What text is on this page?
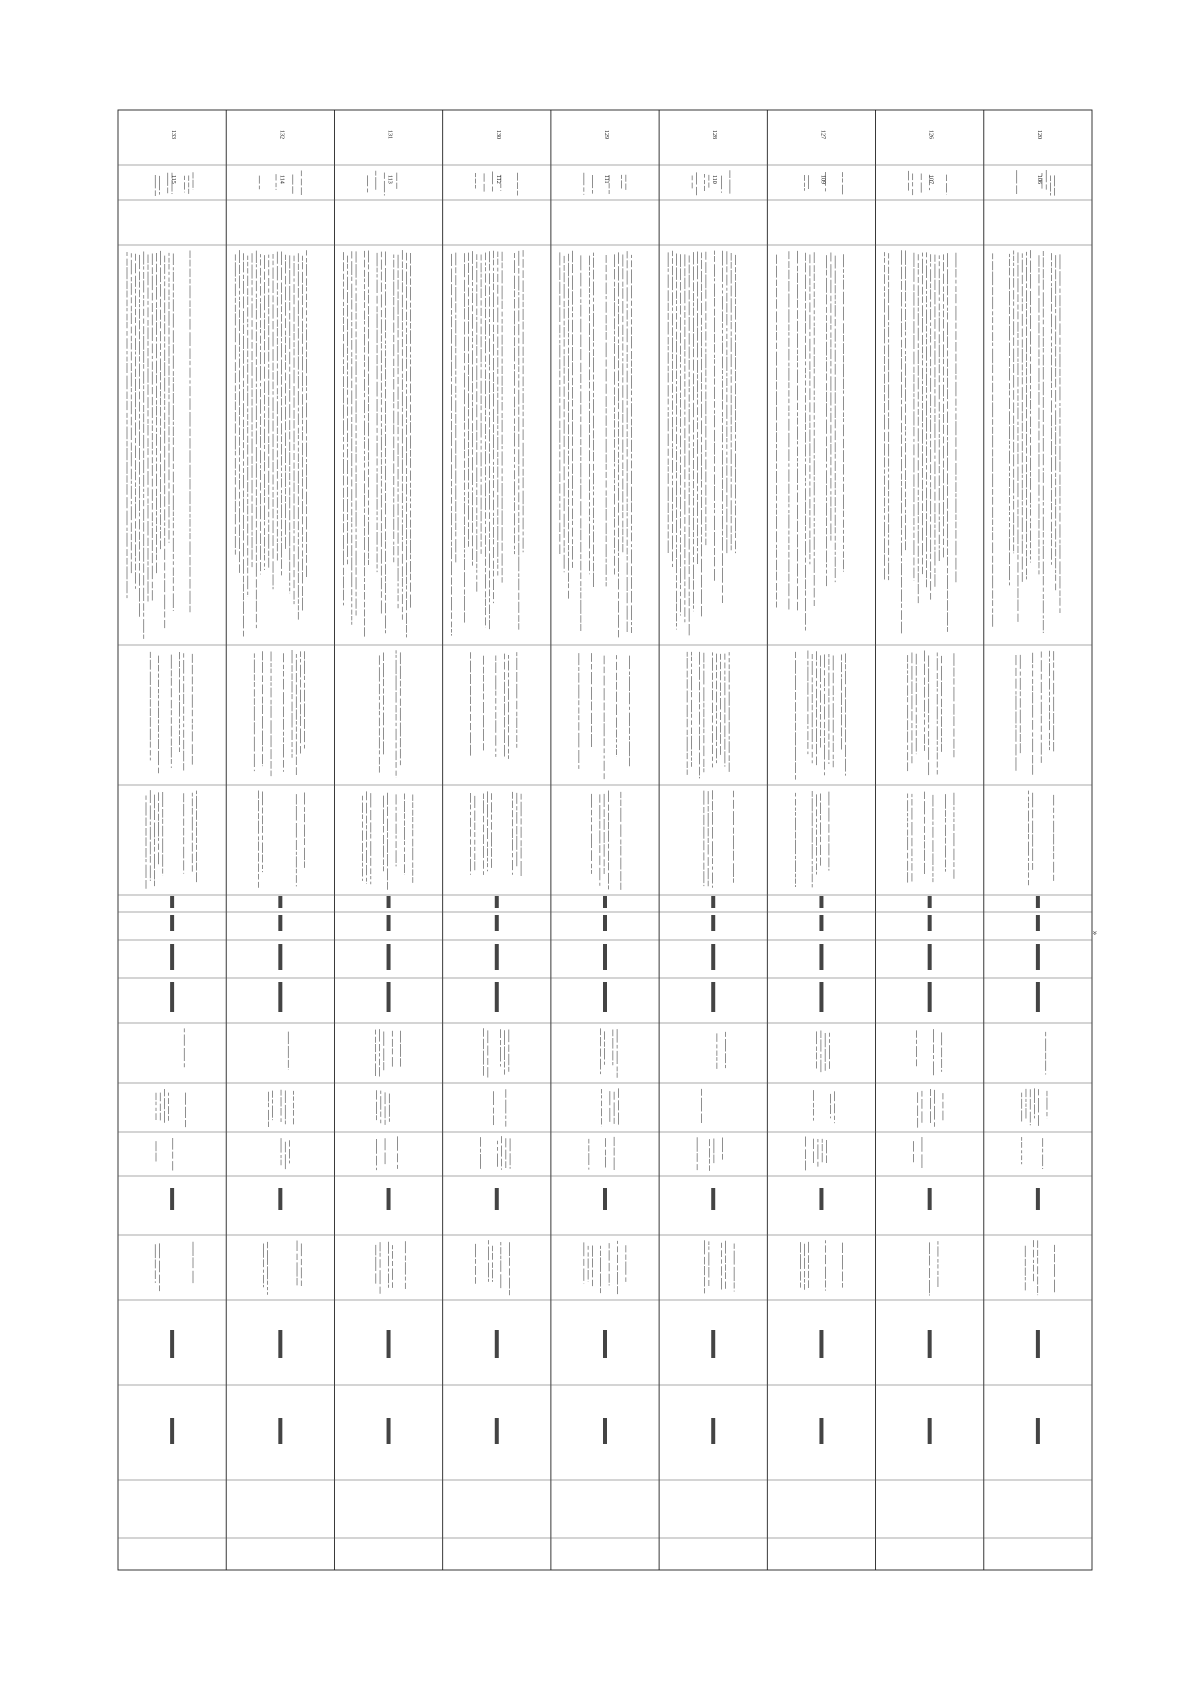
120
106
126
107
127
109
128
110
129
111
130
112
131
113
132
114
133
115
»
